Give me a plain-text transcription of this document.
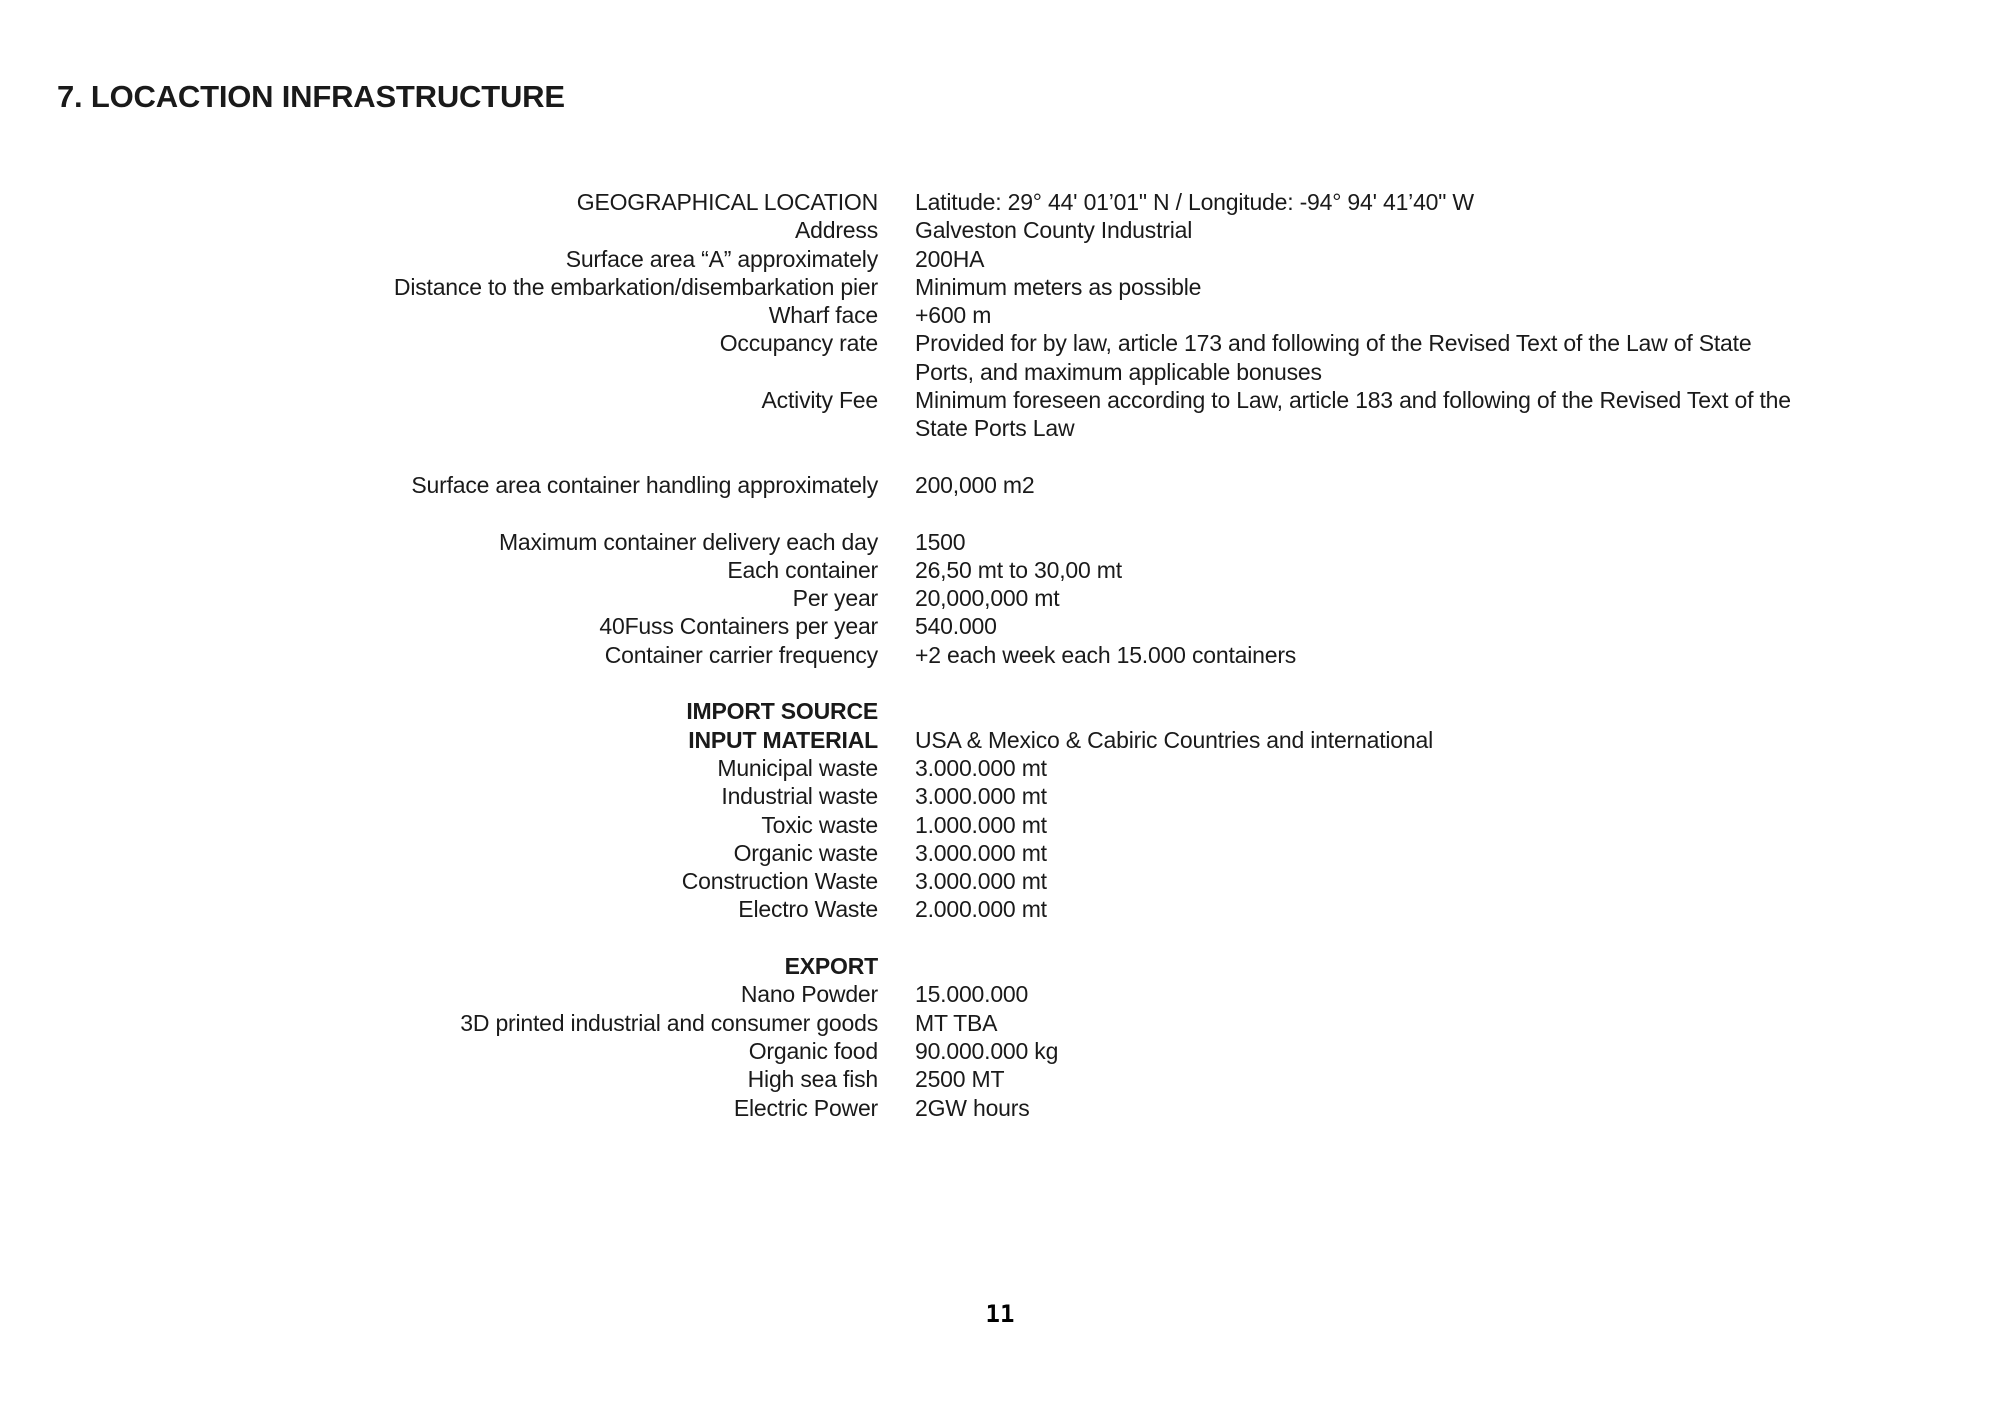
7. LOCACTION INFRASTRUCTURE
GEOGRAPHICAL LOCATION Latitude: 29° 44' 01’01" N / Longitude: -94° 94' 41’40" W
Address Galveston County Industrial
Surface area “A” approximately 200HA
Distance to the embarkation/disembarkation pier Minimum meters as possible
Wharf face +600 m
Occupancy rate Provided for by law, article 173 and following of the Revised Text of the Law of State Ports, and maximum applicable bonuses
Activity Fee Minimum foreseen according to Law, article 183 and following of the Revised Text of the State Ports Law
Surface area container handling approximately 200,000 m2
Maximum container delivery each day 1500
Each container 26,50 mt to 30,00 mt
Per year 20,000,000 mt
40Fuss Containers per year 540.000
Container carrier frequency +2 each week each 15.000 containers
IMPORT SOURCE
INPUT MATERIAL USA & Mexico & Cabiric Countries and international
Municipal waste 3.000.000 mt
Industrial waste 3.000.000 mt
Toxic waste 1.000.000 mt
Organic waste 3.000.000 mt
Construction Waste 3.000.000 mt
Electro Waste 2.000.000 mt
EXPORT
Nano Powder 15.000.000
3D printed industrial and consumer goods MT TBA
Organic food 90.000.000 kg
High sea fish 2500 MT
Electric Power 2GW hours
11
